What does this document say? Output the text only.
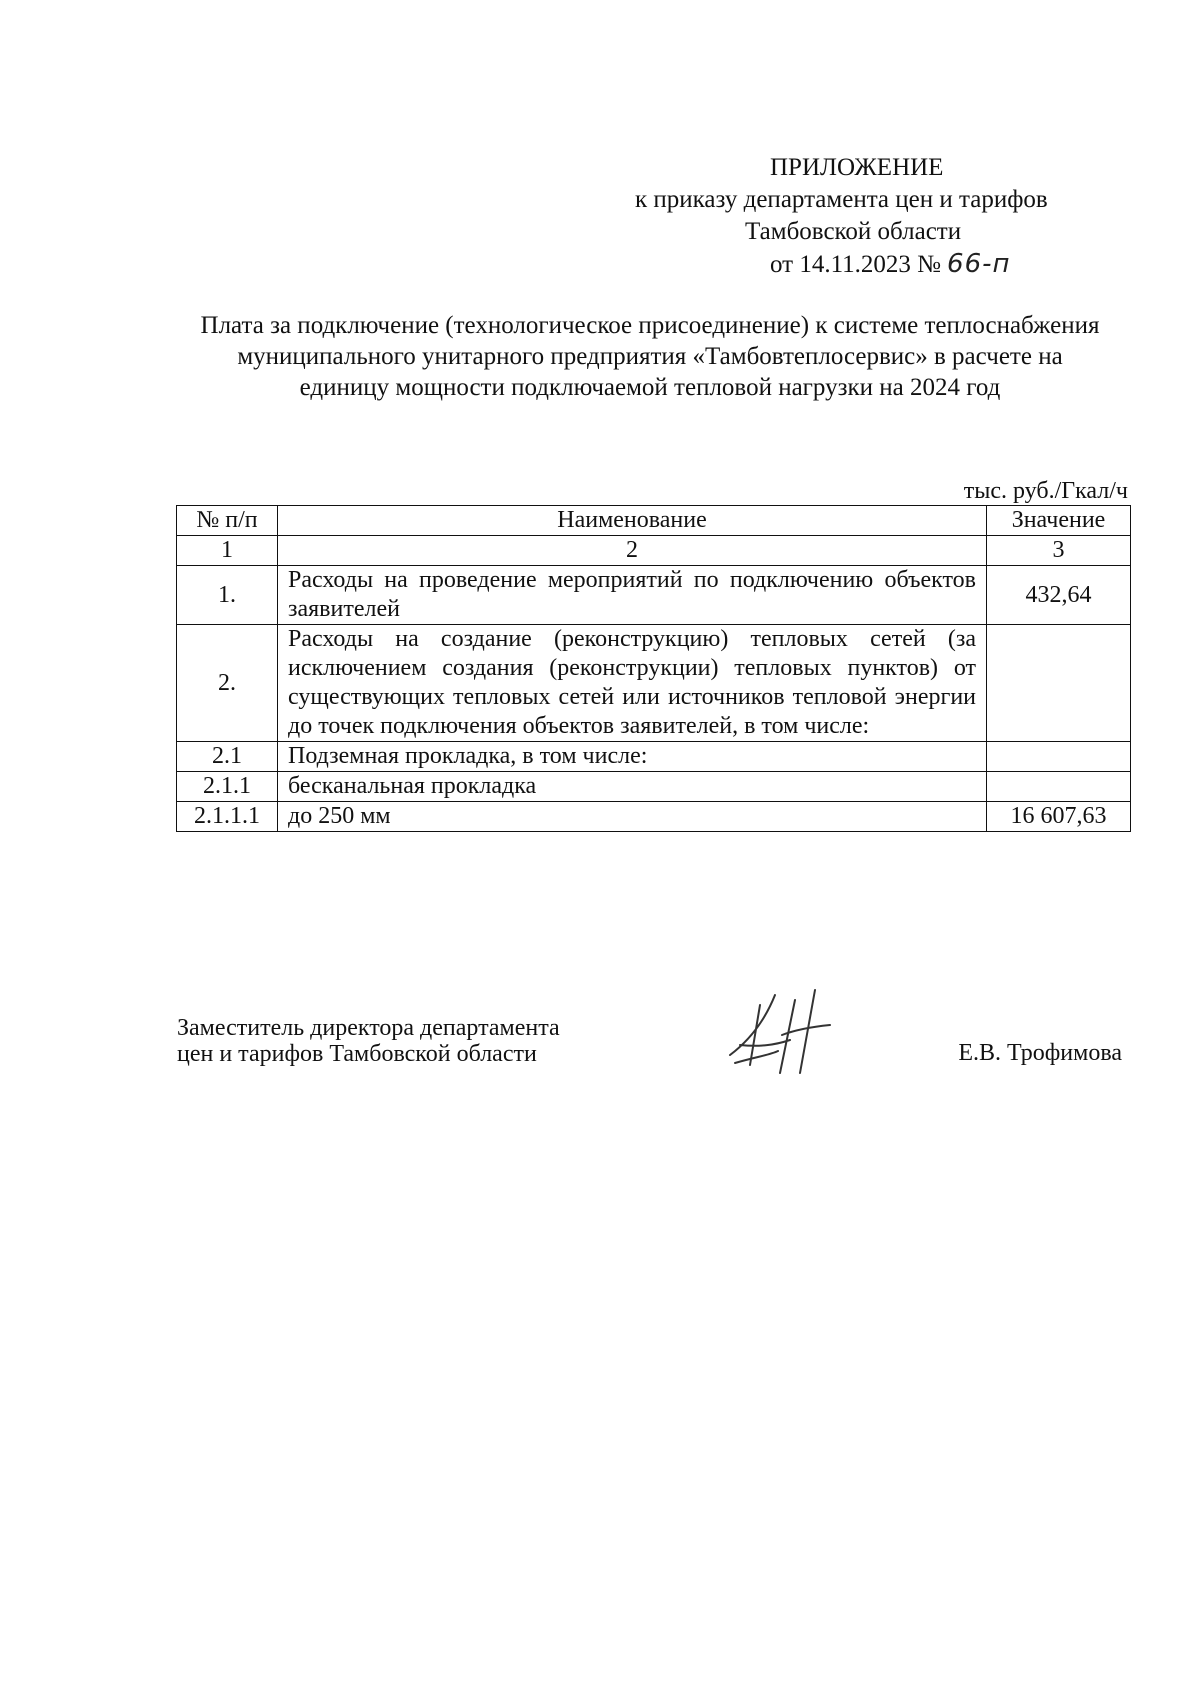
ПРИЛОЖЕНИЕ
к приказу департамента цен и тарифов
Тамбовской области
от 14.11.2023 № 66-п
Плата за подключение (технологическое присоединение) к системе теплоснабжения муниципального унитарного предприятия «Тамбовтеплосервис» в расчете на единицу мощности подключаемой тепловой нагрузки на 2024 год
тыс. руб./Гкал/ч
№ п/п	Наименование	Значение
1	2	3
1.	Расходы на проведение мероприятий по подключению объектов заявителей	432,64
2.	Расходы на создание (реконструкцию) тепловых сетей (за исключением создания (реконструкции) тепловых пунктов) от существующих тепловых сетей или источников тепловой энергии до точек подключения объектов заявителей, в том числе:	
2.1	Подземная прокладка, в том числе:	
2.1.1	бесканальная прокладка	
2.1.1.1	до 250 мм	16 607,63
Заместитель директора департамента
цен и тарифов Тамбовской области	Е.В. Трофимова
